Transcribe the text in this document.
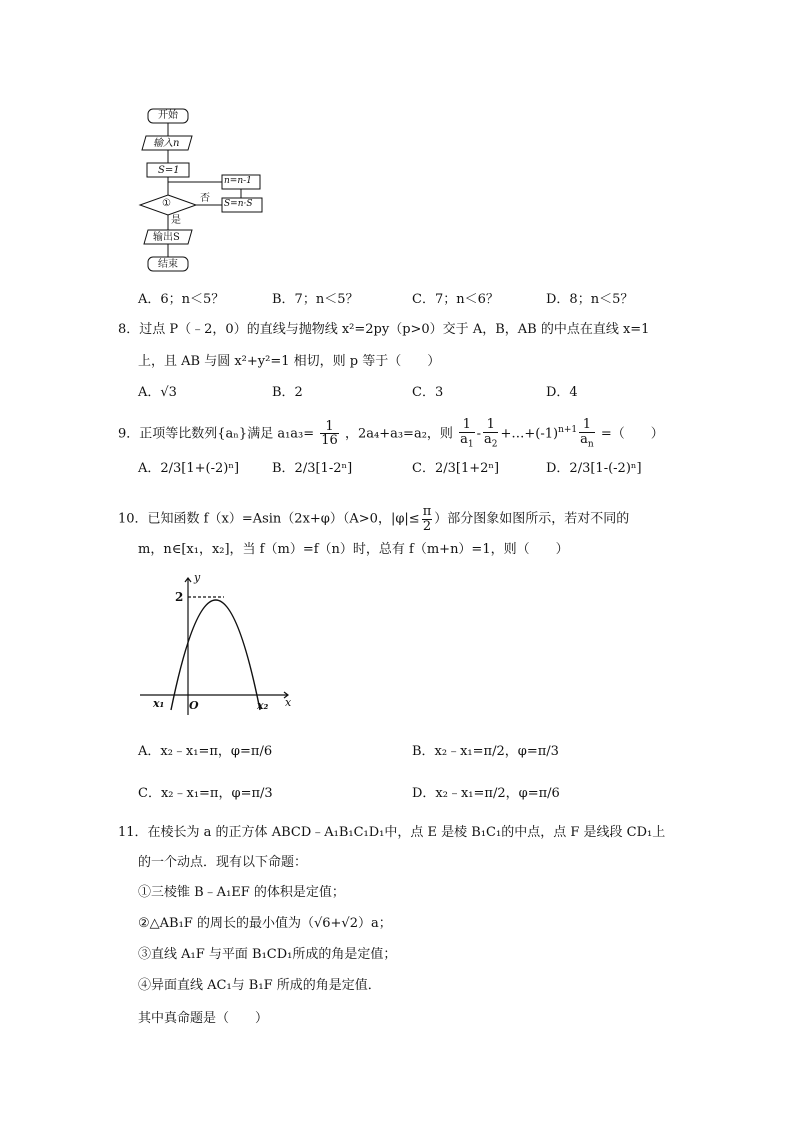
开始
输入n
S=1
①
n=n-1
S=n·S
否
是
输出S
结束
A．6；n＜5？	B．7；n＜5？	C．7；n＜6？	D．8；n＜5？
8．过点 P（﹣2，0）的直线与抛物线 x²=2py（p>0）交于 A，B，AB 的中点在直线 x=1
上，且 AB 与圆 x²+y²=1 相切，则 p 等于（　　）
A．√3	B．2	C．3	D．4
9．正项等比数列{aₙ}满足 $a_1a_3= \frac{1}{16}$ ，2a₄+a₃=a₂，则 $\frac{1}{a_1} - \frac{1}{a_2}$ $+\dots+(-1)^{n+1} \frac{1}{a_n}$ =（　　）
A．2/3[1+(-2)ⁿ]	B．2/3[1-2ⁿ]	C．2/3[1+2ⁿ]	D．2/3[1-(-2)ⁿ]
10．已知函数 f（x）=Asin（2x+φ）（A>0，$|\varphi|\le \frac{\pi}{2}$ ）部分图象如图所示，若对不同的
m，n∈[x₁，x₂]，当 f（m）=f（n）时，总有 f（m+n）=1，则（　　）
y
x
2
O
x₁	x₂
A．x₂﹣x₁=π，φ=π/6	B．x₂﹣x₁=π/2，φ=π/3
C．x₂﹣x₁=π，φ=π/3	D．x₂﹣x₁=π/2，φ=π/6
11．在棱长为 a 的正方体 ABCD﹣A₁B₁C₁D₁中，点 E 是棱 B₁C₁的中点，点 F 是线段 CD₁上
的一个动点．现有以下命题：
①三棱锥 B﹣A₁EF 的体积是定值；
②△AB₁F 的周长的最小值为（√6+√2）a；
③直线 A₁F 与平面 B₁CD₁所成的角是定值；
④异面直线 AC₁与 B₁F 所成的角是定值．
其中真命题是（　　）
